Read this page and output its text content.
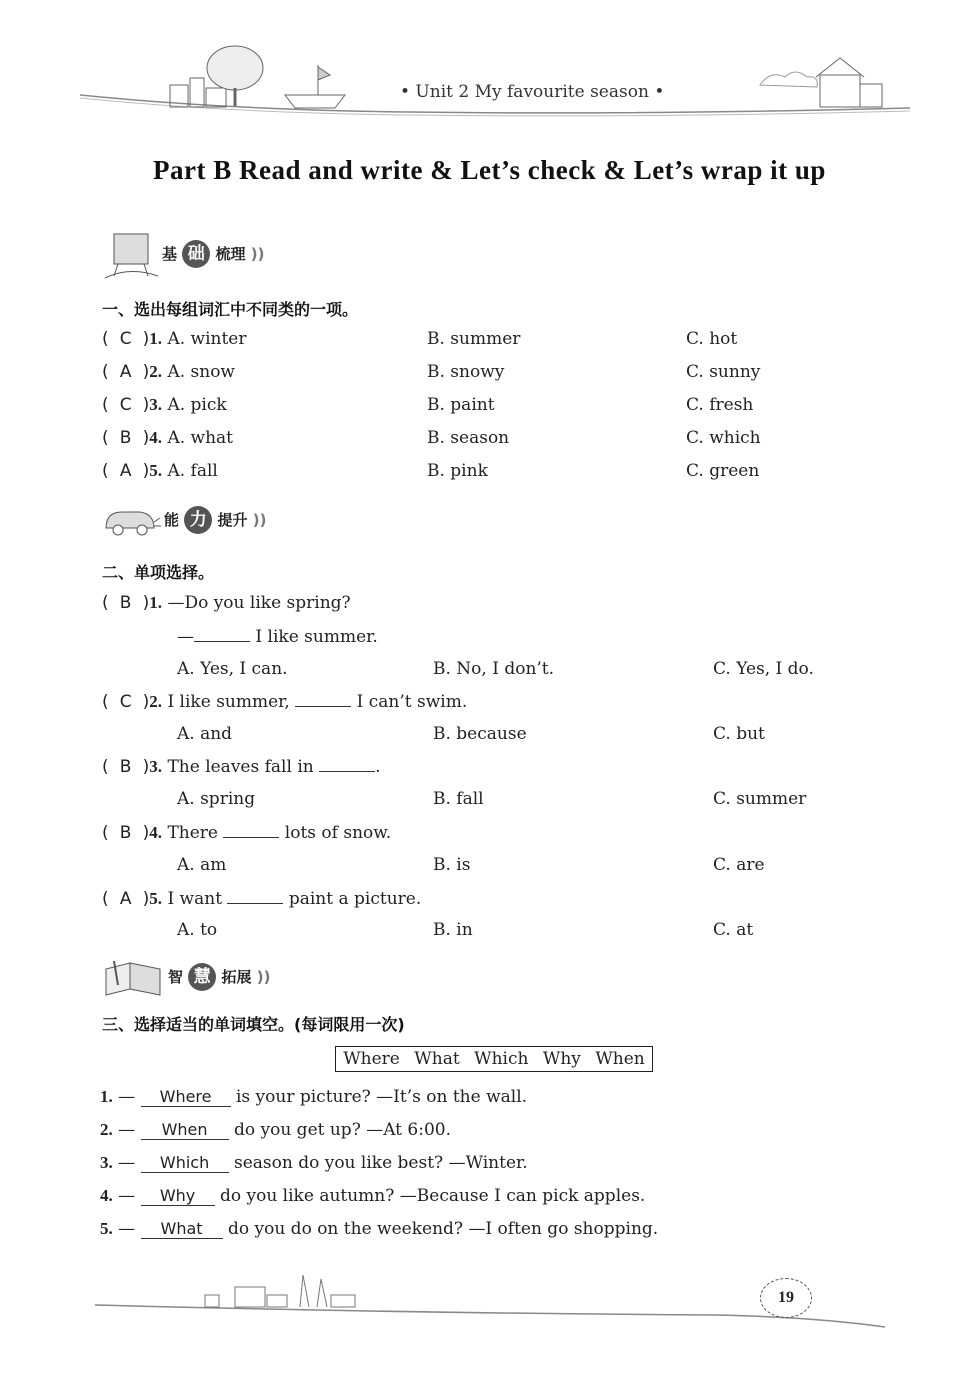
• Unit 2 My favourite season •
Part B Read and write & Let’s check & Let’s wrap it up
基 础 梳理 ))
一、选出每组词汇中不同类的一项。
( C )1. A. winter	B. summer	C. hot
( A )2. A. snow	B. snowy	C. sunny
( C )3. A. pick	B. paint	C. fresh
( B )4. A. what	B. season	C. which
( A )5. A. fall	B. pink	C. green
能 力 提升 ))
二、单项选择。
( B )1. —Do you like spring?
—	I like summer.
A. Yes, I can.	B. No, I don’t.	C. Yes, I do.
( C )2. I like summer,	I can’t swim.
A. and	B. because	C. but
( B )3. The leaves fall in	.
A. spring	B. fall	C. summer
( B )4. There	lots of snow.
A. am	B. is	C. are
( A )5. I want	paint a picture.
A. to	B. in	C. at
智 慧 拓展 ))
三、选择适当的单词填空。(每词限用一次)
Where What Which Why When
1. — Where is your picture? —It’s on the wall.
2. — When do you get up? —At 6:00.
3. — Which season do you like best? —Winter.
4. — Why do you like autumn? —Because I can pick apples.
5. — What do you do on the weekend? —I often go shopping.
19
